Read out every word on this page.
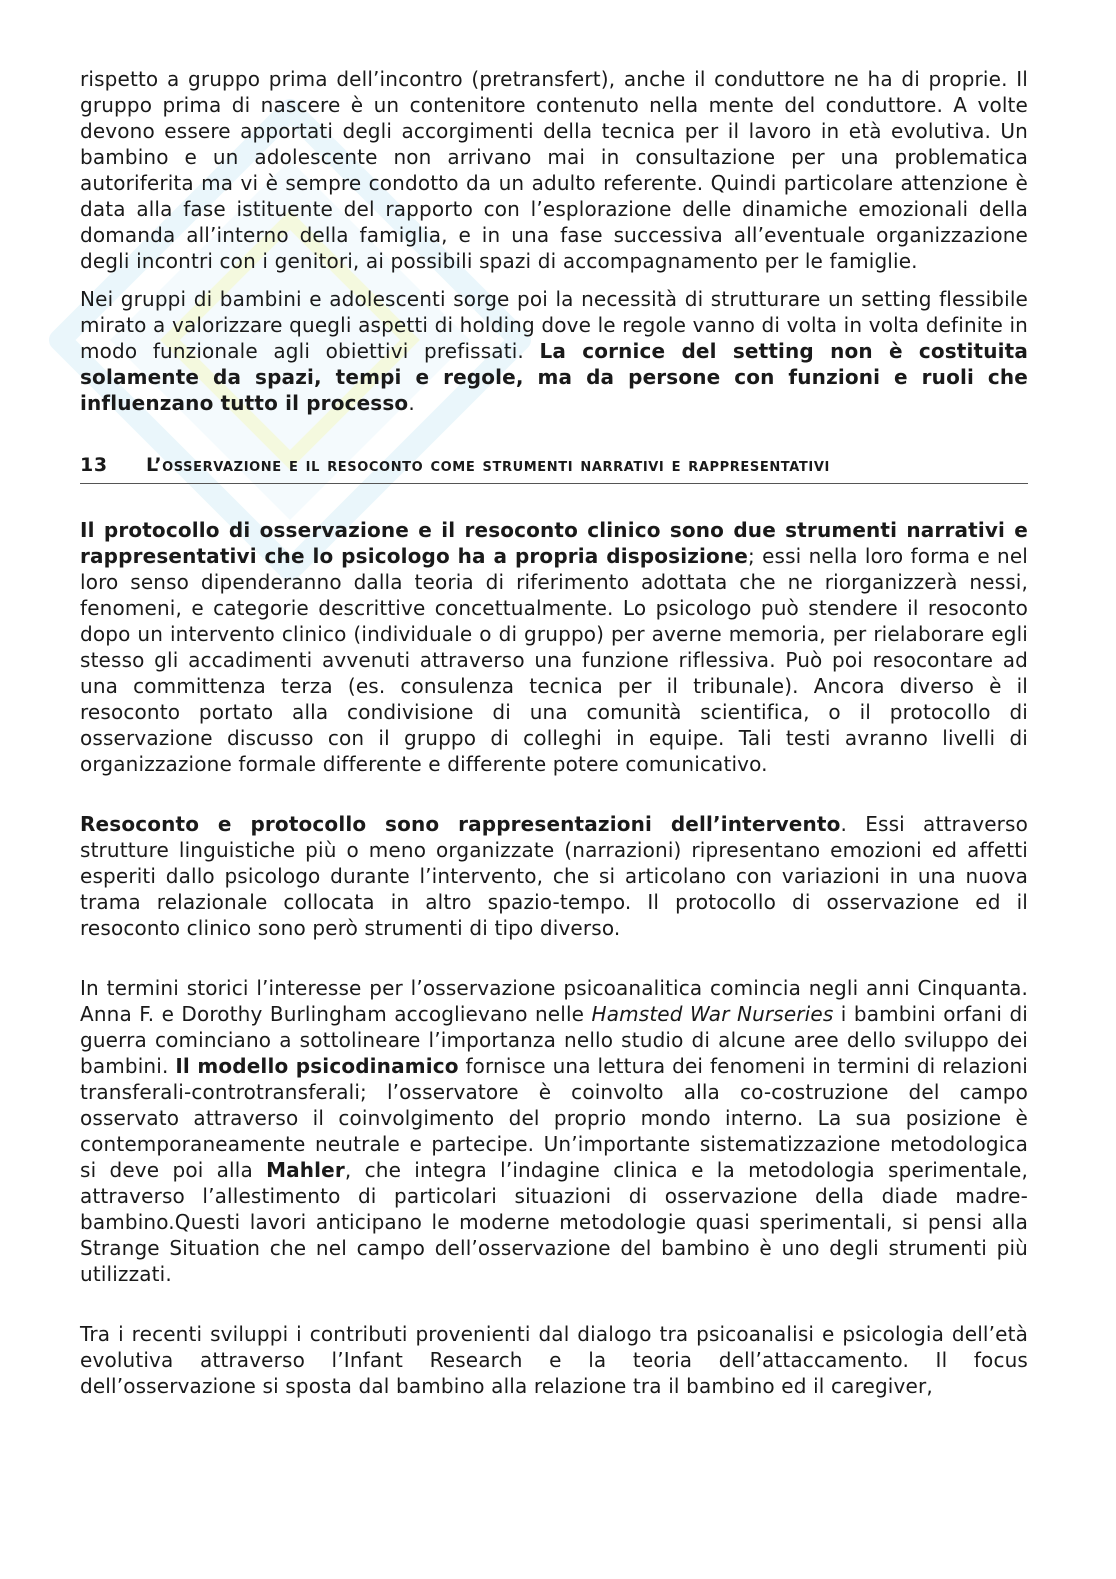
rispetto a gruppo prima dell’incontro (pretransfert), anche il conduttore ne ha di proprie. Il gruppo prima di nascere è un contenitore contenuto nella mente del conduttore. A volte devono essere apportati degli accorgimenti della tecnica per il lavoro in età evolutiva. Un bambino e un adolescente non arrivano mai in consultazione per una problematica autoriferita ma vi è sempre condotto da un adulto referente. Quindi particolare attenzione è data alla fase istituente del rapporto con l’esplorazione delle dinamiche emozionali della domanda all’interno della famiglia, e in una fase successiva all’eventuale organizzazione degli incontri con i genitori, ai possibili spazi di accompagnamento per le famiglie.

Nei gruppi di bambini e adolescenti sorge poi la necessità di strutturare un setting flessibile mirato a valorizzare quegli aspetti di holding dove le regole vanno di volta in volta definite in modo funzionale agli obiettivi prefissati. La cornice del setting non è costituita solamente da spazi, tempi e regole, ma da persone con funzioni e ruoli che influenzano tutto il processo.

13	L’osservazione e il resoconto come strumenti narrativi e rappresentativi

Il protocollo di osservazione e il resoconto clinico sono due strumenti narrativi e rappresentativi che lo psicologo ha a propria disposizione; essi nella loro forma e nel loro senso dipenderanno dalla teoria di riferimento adottata che ne riorganizzerà nessi, fenomeni, e categorie descrittive concettualmente. Lo psicologo può stendere il resoconto dopo un intervento clinico (individuale o di gruppo) per averne memoria, per rielaborare egli stesso gli accadimenti avvenuti attraverso una funzione riflessiva. Può poi resocontare ad una committenza terza (es. consulenza tecnica per il tribunale). Ancora diverso è il resoconto portato alla condivisione di una comunità scientifica, o il protocollo di osservazione discusso con il gruppo di colleghi in equipe. Tali testi avranno livelli di organizzazione formale differente e differente potere comunicativo.

Resoconto e protocollo sono rappresentazioni dell’intervento. Essi attraverso strutture linguistiche più o meno organizzate (narrazioni) ripresentano emozioni ed affetti esperiti dallo psicologo durante l’intervento, che si articolano con variazioni in una nuova trama relazionale collocata in altro spazio-tempo. Il protocollo di osservazione ed il resoconto clinico sono però strumenti di tipo diverso.

In termini storici l’interesse per l’osservazione psicoanalitica comincia negli anni Cinquanta. Anna F. e Dorothy Burlingham accoglievano nelle Hamsted War Nurseries i bambini orfani di guerra cominciano a sottolineare l’importanza nello studio di alcune aree dello sviluppo dei bambini. Il modello psicodinamico fornisce una lettura dei fenomeni in termini di relazioni transferali-controtransferali; l’osservatore è coinvolto alla co-costruzione del campo osservato attraverso il coinvolgimento del proprio mondo interno. La sua posizione è contemporaneamente neutrale e partecipe. Un’importante sistematizzazione metodologica si deve poi alla Mahler, che integra l’indagine clinica e la metodologia sperimentale, attraverso l’allestimento di particolari situazioni di osservazione della diade madre-bambino.Questi lavori anticipano le moderne metodologie quasi sperimentali, si pensi alla Strange Situation che nel campo dell’osservazione del bambino è uno degli strumenti più utilizzati.

Tra i recenti sviluppi i contributi provenienti dal dialogo tra psicoanalisi e psicologia dell’età evolutiva attraverso l’Infant Research e la teoria dell’attaccamento. Il focus dell’osservazione si sposta dal bambino alla relazione tra il bambino ed il caregiver,
